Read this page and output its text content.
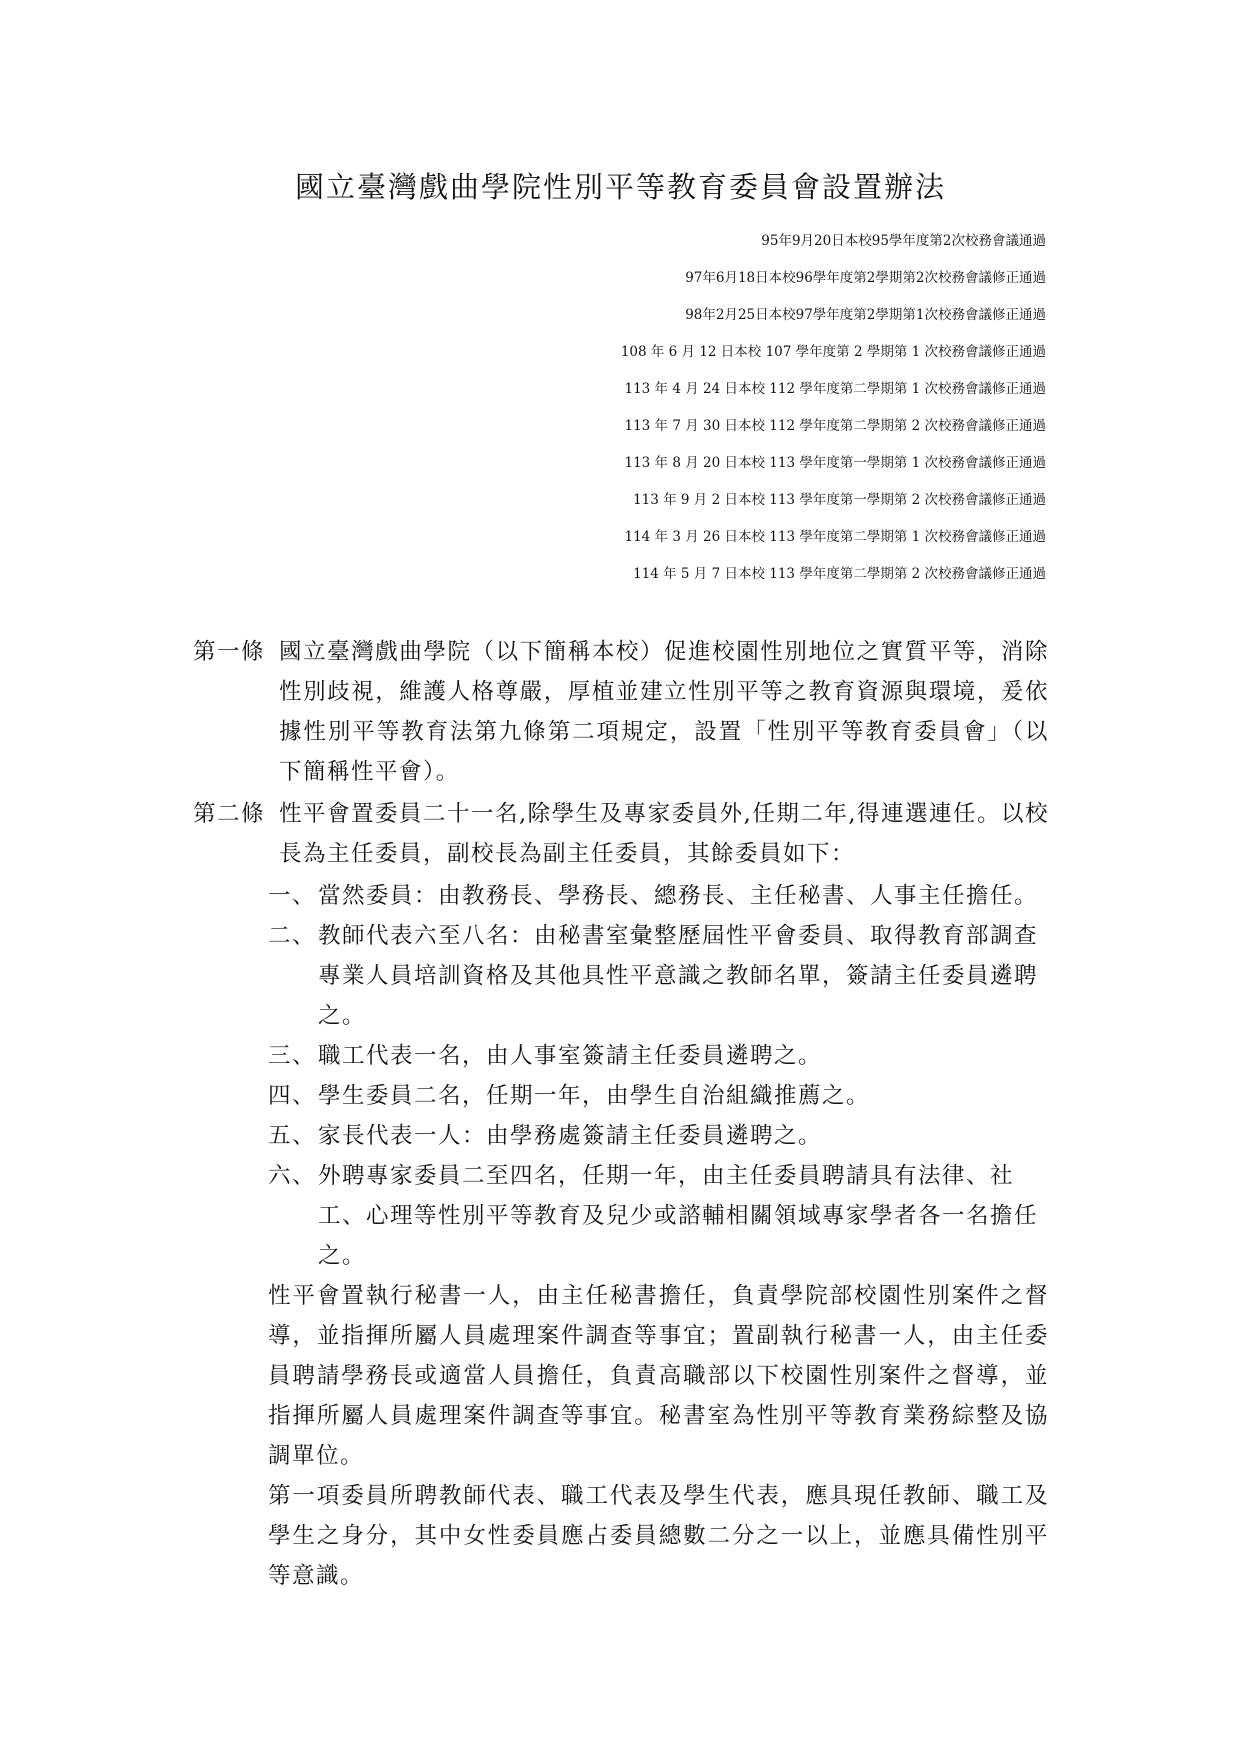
國立臺灣戲曲學院性別平等教育委員會設置辦法
95年9月20日本校95學年度第2次校務會議通過
97年6月18日本校96學年度第2學期第2次校務會議修正通過
98年2月25日本校97學年度第2學期第1次校務會議修正通過
108 年 6 月 12 日本校 107 學年度第 2 學期第 1 次校務會議修正通過
113 年 4 月 24 日本校 112 學年度第二學期第 1 次校務會議修正通過
113 年 7 月 30 日本校 112 學年度第二學期第 2 次校務會議修正通過
113 年 8 月 20 日本校 113 學年度第一學期第 1 次校務會議修正通過
113 年 9 月 2 日本校 113 學年度第一學期第 2 次校務會議修正通過
114 年 3 月 26 日本校 113 學年度第二學期第 1 次校務會議修正通過
114 年 5 月 7 日本校 113 學年度第二學期第 2 次校務會議修正通過
第一條 國立臺灣戲曲學院（以下簡稱本校）促進校園性別地位之實質平等，消除性別歧視，維護人格尊嚴，厚植並建立性別平等之教育資源與環境，爰依據性別平等教育法第九條第二項規定，設置「性別平等教育委員會」（以下簡稱性平會）。
第二條 性平會置委員二十一名,除學生及專家委員外,任期二年,得連選連任。以校長為主任委員，副校長為副主任委員，其餘委員如下：
一、 當然委員：由教務長、學務長、總務長、主任秘書、人事主任擔任。
二、 教師代表六至八名：由秘書室彙整歷屆性平會委員、取得教育部調查專業人員培訓資格及其他具性平意識之教師名單，簽請主任委員遴聘之。
三、 職工代表一名，由人事室簽請主任委員遴聘之。
四、 學生委員二名，任期一年，由學生自治組織推薦之。
五、 家長代表一人：由學務處簽請主任委員遴聘之。
六、 外聘專家委員二至四名，任期一年，由主任委員聘請具有法律、社工、心理等性別平等教育及兒少或諮輔相關領域專家學者各一名擔任之。
性平會置執行秘書一人，由主任秘書擔任，負責學院部校園性別案件之督導，並指揮所屬人員處理案件調查等事宜；置副執行秘書一人，由主任委員聘請學務長或適當人員擔任，負責高職部以下校園性別案件之督導，並指揮所屬人員處理案件調查等事宜。秘書室為性別平等教育業務綜整及協調單位。
第一項委員所聘教師代表、職工代表及學生代表，應具現任教師、職工及學生之身分，其中女性委員應占委員總數二分之一以上，並應具備性別平等意識。
